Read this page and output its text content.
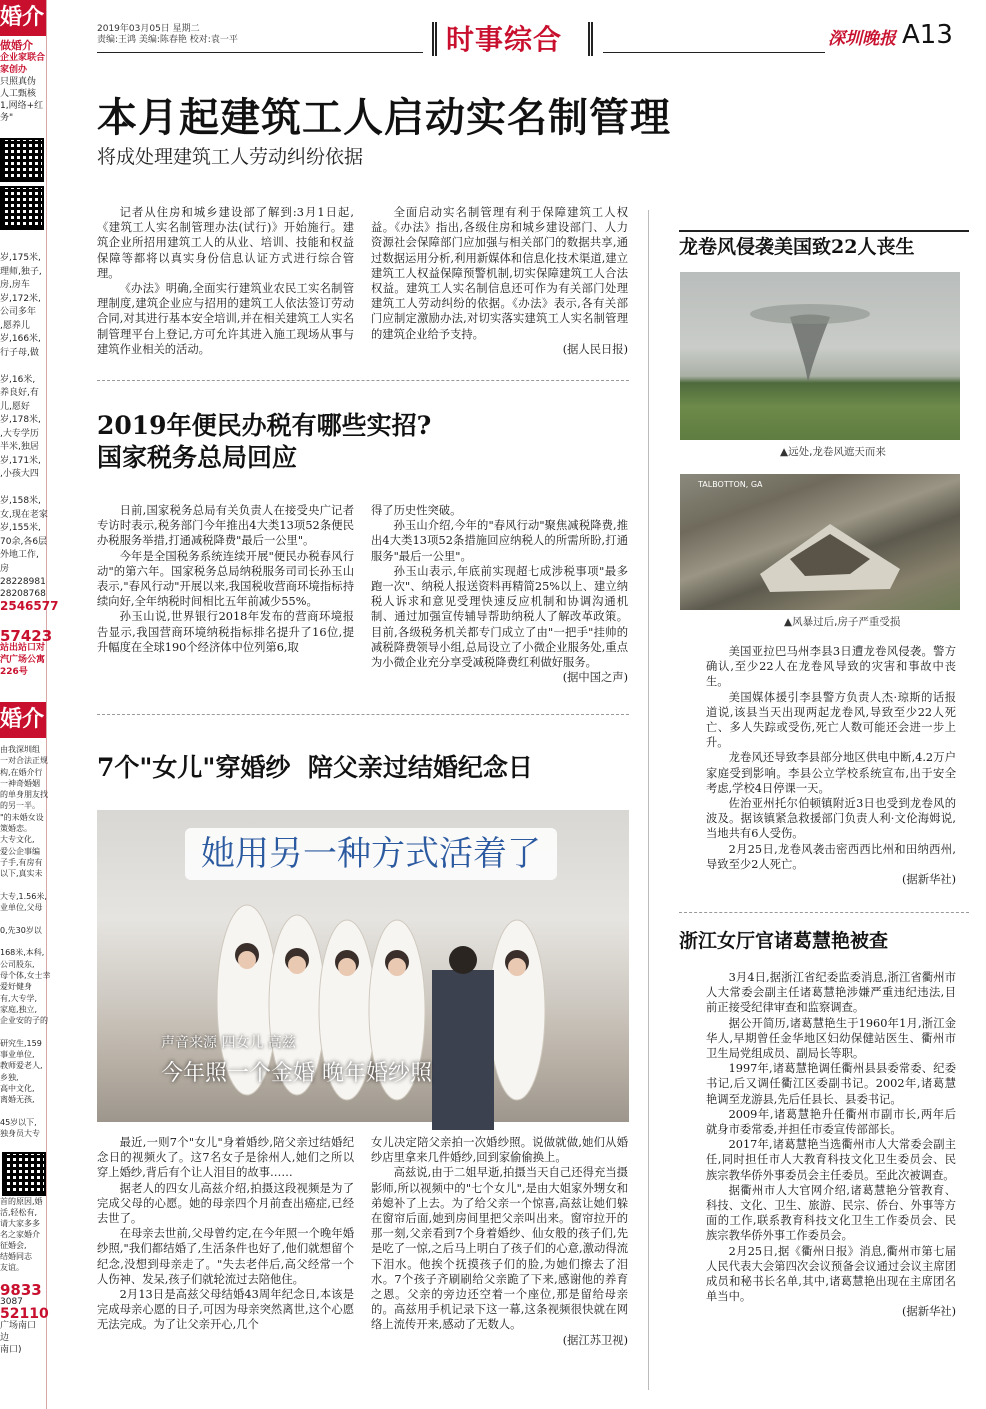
婚介
做婚介
企业家联合
家创办
只照真伪
人工甄核
1,网络+红
务"
岁,175米,
理师,独子,
房,房车
岁,172米,
公司多年
,愿养儿
岁,166米,
行子母,做

岁,16米,
养良好,有
儿,愿好
岁,178米,
,大专学历
半米,独居
岁,171米,
,小孩大四

岁,158米,
女,现在老家
岁,155米,
70余,各6层
外地工作,
房
28228981
28208768
2546577
57423
站出站口对
汽广场公寓
226号
婚介
由我深圳组
一对合法正规
构,在婚介行
一神奇婚姻
的单身朋友找
的另一半。
"的未婚女设
策婚恋。
大专文化,
爱公企事编
子手,有房有
以下,真实未

大专,1.56米,
业单位,父母

0,先30岁以

168米,本科,
公司股东,
母个体,女士幸
爱好健身
有,大专学,
家庭,独立,
企业安的子的

研究生,159
事业单位,
教师爱老人,
乡独,
高中文化,
离婚无孩,

45岁以下,
独身员大专
首的原因,婚
活,轻松有,
请大家多多
名之家婚介
征婚会,
结婚同志
友谊。
9833
3087
52110
广场南口
边
南口)
2019年03月05日 星期二
责编:王鸿 美编:陈春艳 校对:袁一平	时事综合	深圳晚报 A13
本月起建筑工人启动实名制管理
将成处理建筑工人劳动纠纷依据

记者从住房和城乡建设部了解到:3月1日起,《建筑工人实名制管理办法(试行)》开始施行。建筑企业所招用建筑工人的从业、培训、技能和权益保障等都将以真实身份信息认证方式进行综合管理。

《办法》明确,全面实行建筑业农民工实名制管理制度,建筑企业应与招用的建筑工人依法签订劳动合同,对其进行基本安全培训,并在相关建筑工人实名制管理平台上登记,方可允许其进入施工现场从事与建筑作业相关的活动。

全面启动实名制管理有利于保障建筑工人权益。《办法》指出,各级住房和城乡建设部门、人力资源社会保障部门应加强与相关部门的数据共享,通过数据运用分析,利用新媒体和信息化技术渠道,建立建筑工人权益保障预警机制,切实保障建筑工人合法权益。建筑工人实名制信息还可作为有关部门处理建筑工人劳动纠纷的依据。《办法》表示,各有关部门应制定激励办法,对切实落实建筑工人实名制管理的建筑企业给予支持。

(据人民日报)

2019年便民办税有哪些实招?
国家税务总局回应

日前,国家税务总局有关负责人在接受央广记者专访时表示,税务部门今年推出4大类13项52条便民办税服务举措,打通减税降费"最后一公里"。

今年是全国税务系统连续开展"便民办税春风行动"的第六年。国家税务总局纳税服务司司长孙玉山表示,"春风行动"开展以来,我国税收营商环境指标持续向好,全年纳税时间相比五年前减少55%。

孙玉山说,世界银行2018年发布的营商环境报告显示,我国营商环境纳税指标排名提升了16位,提升幅度在全球190个经济体中位列第6,取

得了历史性突破。

孙玉山介绍,今年的"春风行动"聚焦减税降费,推出4大类13项52条措施回应纳税人的所需所盼,打通服务"最后一公里"。

孙玉山表示,年底前实现超七成涉税事项"最多跑一次"、纳税人报送资料再精简25%以上、建立纳税人诉求和意见受理快速反应机制和协调沟通机制、通过加强宣传辅导帮助纳税人了解改革政策。目前,各级税务机关都专门成立了由"一把手"挂帅的减税降费领导小组,总局设立了小微企业服务处,重点为小微企业充分享受减税降费红利做好服务。

(据中国之声)

7个"女儿"穿婚纱  陪父亲过结婚纪念日
她用另一种方式活着了
声音来源 四女儿 高兹
今年照一个金婚 晚年婚纱照

最近,一则7个"女儿"身着婚纱,陪父亲过结婚纪念日的视频火了。这7名女子是徐州人,她们之所以穿上婚纱,背后有个让人泪目的故事……

据老人的四女儿高兹介绍,拍摄这段视频是为了完成父母的心愿。她的母亲四个月前查出癌症,已经去世了。

在母亲去世前,父母曾约定,在今年照一个晚年婚纱照,"我们都结婚了,生活条件也好了,他们就想留个纪念,没想到母亲走了。"失去老伴后,高父经常一个人伤神、发呆,孩子们就轮流过去陪他住。

2月13日是高兹父母结婚43周年纪念日,本该是完成母亲心愿的日子,可因为母亲突然离世,这个心愿无法完成。为了让父亲开心,几个

女儿决定陪父亲拍一次婚纱照。说做就做,她们从婚纱店里拿来几件婚纱,回到家偷偷换上。

高兹说,由于二姐早逝,拍摄当天自己还得充当摄影师,所以视频中的"七个女儿",是由大姐家外甥女和弟媳补了上去。为了给父亲一个惊喜,高兹让她们躲在窗帘后面,她到房间里把父亲叫出来。窗帘拉开的那一刻,父亲看到7个身着婚纱、仙女般的孩子们,先是吃了一惊,之后马上明白了孩子们的心意,激动得流下泪水。他挨个抚摸孩子们的脸,为她们擦去了泪水。7个孩子齐刷刷给父亲跪了下来,感谢他的养育之恩。父亲的旁边还空着一个座位,那是留给母亲的。高兹用手机记录下这一幕,这条视频很快就在网络上流传开来,感动了无数人。

(据江苏卫视)

龙卷风侵袭美国致22人丧生
▲远处,龙卷风遮天而来
TALBOTTON, GA
▲风暴过后,房子严重受损

美国亚拉巴马州李县3日遭龙卷风侵袭。警方确认,至少22人在龙卷风导致的灾害和事故中丧生。

美国媒体援引李县警方负责人杰·琼斯的话报道说,该县当天出现两起龙卷风,导致至少22人死亡、多人失踪或受伤,死亡人数可能还会进一步上升。

龙卷风还导致李县部分地区供电中断,4.2万户家庭受到影响。李县公立学校系统宣布,出于安全考虑,学校4日停课一天。

佐治亚州托尔伯顿镇附近3日也受到龙卷风的波及。据该镇紧急救援部门负责人利·文伦海姆说,当地共有6人受伤。

2月25日,龙卷风袭击密西西比州和田纳西州,导致至少2人死亡。

(据新华社)

浙江女厅官诸葛慧艳被查

3月4日,据浙江省纪委监委消息,浙江省衢州市人大常委会副主任诸葛慧艳涉嫌严重违纪违法,目前正接受纪律审查和监察调查。

据公开简历,诸葛慧艳生于1960年1月,浙江金华人,早期曾任金华地区妇幼保健站医生、衢州市卫生局党组成员、副局长等职。

1997年,诸葛慧艳调任衢州县县委常委、纪委书记,后又调任衢江区委副书记。2002年,诸葛慧艳调至龙游县,先后任县长、县委书记。

2009年,诸葛慧艳升任衢州市副市长,两年后就身市委常委,并担任市委宣传部部长。

2017年,诸葛慧艳当选衢州市人大常委会副主任,同时担任市人大教育科技文化卫生委员会、民族宗教华侨外事委员会主任委员。至此次被调查。

据衢州市人大官网介绍,诸葛慧艳分管教育、科技、文化、卫生、旅游、民宗、侨台、外事等方面的工作,联系教育科技文化卫生工作委员会、民族宗教华侨外事工作委员会。

2月25日,据《衢州日报》消息,衢州市第七届人民代表大会第四次会议预备会议通过会议主席团成员和秘书长名单,其中,诸葛慧艳出现在主席团名单当中。

(据新华社)
